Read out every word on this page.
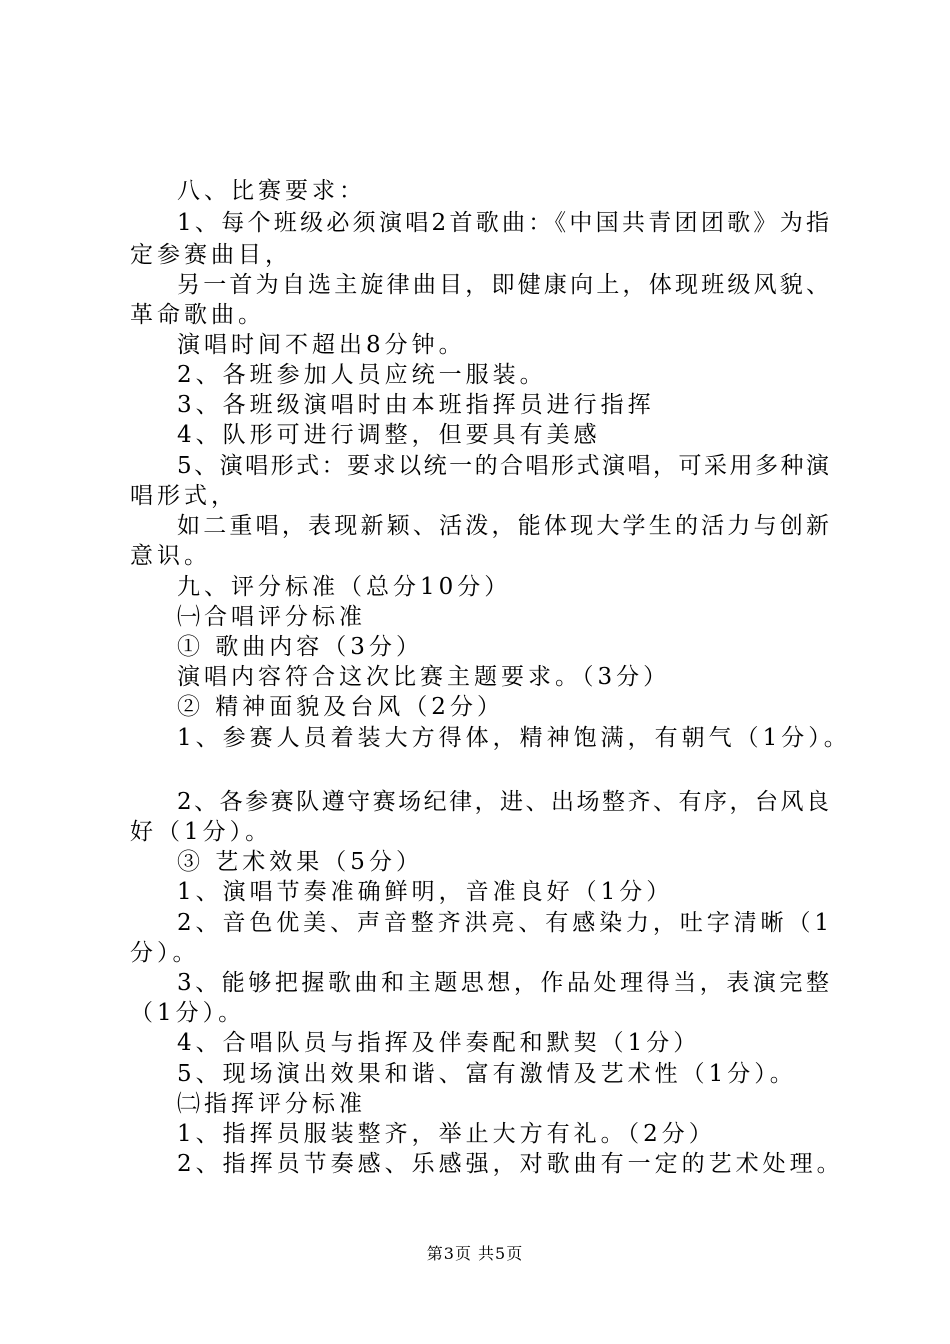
八、比赛要求：

1、每个班级必须演唱2首歌曲：《中国共青团团歌》为指

定参赛曲目，

另一首为自选主旋律曲目，即健康向上，体现班级风貌、

革命歌曲。

演唱时间不超出8分钟。

2、各班参加人员应统一服装。

3、各班级演唱时由本班指挥员进行指挥

4、队形可进行调整，但要具有美感

5、演唱形式：要求以统一的合唱形式演唱，可采用多种演

唱形式，

如二重唱，表现新颖、活泼，能体现大学生的活力与创新

意识。

九、评分标准（总分10分）

㈠合唱评分标准

① 歌曲内容（3分）

演唱内容符合这次比赛主题要求。（3分）

② 精神面貌及台风（2分）

1、参赛人员着装大方得体，精神饱满，有朝气（1分）。

2、各参赛队遵守赛场纪律，进、出场整齐、有序，台风良

好（1分）。

③ 艺术效果（5分）

1、演唱节奏准确鲜明，音准良好（1分）

2、音色优美、声音整齐洪亮、有感染力，吐字清晰（1

分）。

3、能够把握歌曲和主题思想，作品处理得当，表演完整

（1分）。

4、合唱队员与指挥及伴奏配和默契（1分）

5、现场演出效果和谐、富有激情及艺术性（1分）。

㈡指挥评分标准

1、指挥员服装整齐，举止大方有礼。（2分）

2、指挥员节奏感、乐感强，对歌曲有一定的艺术处理。

第3页 共5页
